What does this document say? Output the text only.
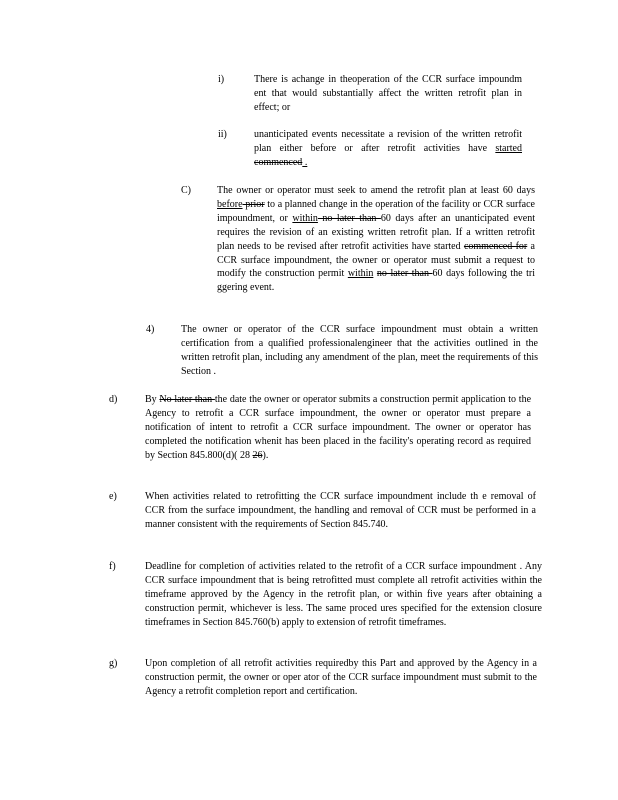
i)	There is achange in theoperation of the CCR surface impoundm ent that would substantially affect the written retrofit plan in effect; or
ii)	unanticipated events necessitate a revision of the written retrofit plan either before or after retrofit activities have started commenced .
C)	The owner or operator must seek to amend the retrofit plan at least 60 days before prior to a planned change in the operation of the facility or CCR surface impoundment, or within no later than 60 days after an unanticipated event requires the revision of an existing written retrofit plan. If a written retrofit plan needs to be revised after retrofit activities have started commenced for a CCR surface impoundment, the owner or operator must submit a request to modify the construction permit within no later than 60 days following the tri ggering event.
4)	The owner or operator of the CCR surface impoundment must obtain a written certification from a qualified professionalengineer that the activities outlined in the written retrofit plan, including any amendment of the plan, meet the requirements of this Section .
d)	By No later than the date the owner or operator submits a construction permit application to the Agency to retrofit a CCR surface impoundment, the owner or operator must prepare a notification of intent to retrofit a CCR surface impoundment. The owner or operator has completed the notification whenit has been placed in the facility's operating record as required by Section 845.800(d)( 28 26).
e)	When activities related to retrofitting the CCR surface impoundment include th e removal of CCR from the surface impoundment, the handling and removal of CCR must be performed in a manner consistent with the requirements of Section 845.740.
f)	Deadline for completion of activities related to the retrofit of a CCR surface impoundment . Any CCR surface impoundment that is being retrofitted must complete all retrofit activities within the timeframe approved by the Agency in the retrofit plan, or within five years after obtaining a construction permit, whichever is less. The same proced ures specified for the extension closure timeframes in Section 845.760(b) apply to extension of retrofit timeframes.
g)	Upon completion of all retrofit activities requiredby this Part and approved by the Agency in a construction permit, the owner or oper ator of the CCR surface impoundment must submit to the Agency a retrofit completion report and certification.
